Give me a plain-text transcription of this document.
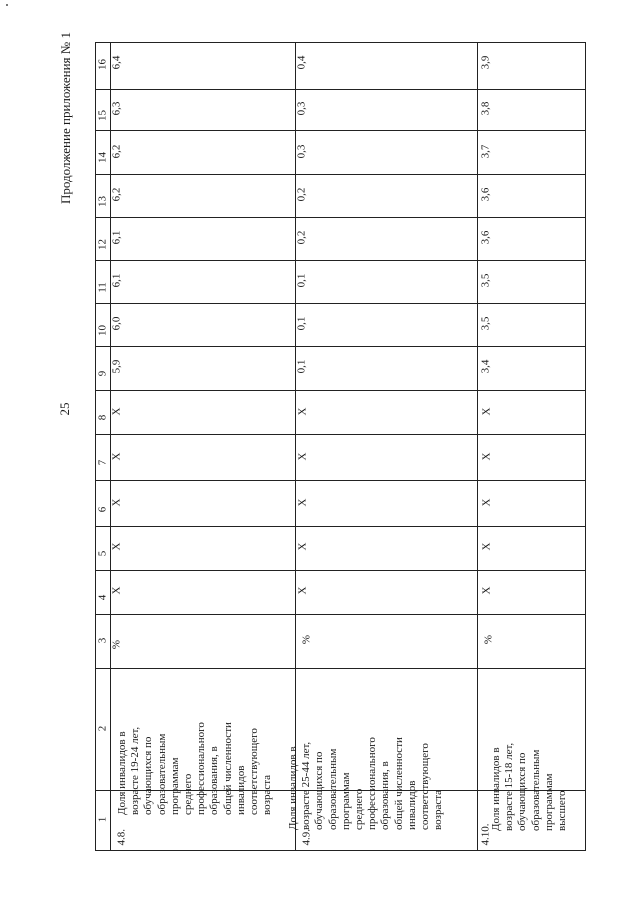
25
Продолжение приложения № 1
1
2
3
4
5
6
7
8
9
10
11
12
13
14
15
16
4.8.
Доля инвалидов в
возрасте 19-24 лет,
обучающихся по
образовательным
программам
среднего
профессионального
образования, в
общей численности
инвалидов
соответствующего
возраста
%
X
X
X
X
X
5,9
6,0
6,1
6,1
6,2
6,2
6,3
6,4
4.9.
Доля инвалидов в
возрасте 25-44 лет,
обучающихся по
образовательным
программам
среднего
профессионального
образования, в
общей численности
инвалидов
соответствующего
возраста
%
X
X
X
X
X
0,1
0,1
0,1
0,2
0,2
0,3
0,3
0,4
4.10.
Доля инвалидов в
возрасте 15-18 лет,
обучающихся по
образовательным
программам
высшего
%
X
X
X
X
X
3,4
3,5
3,5
3,6
3,6
3,7
3,8
3,9
